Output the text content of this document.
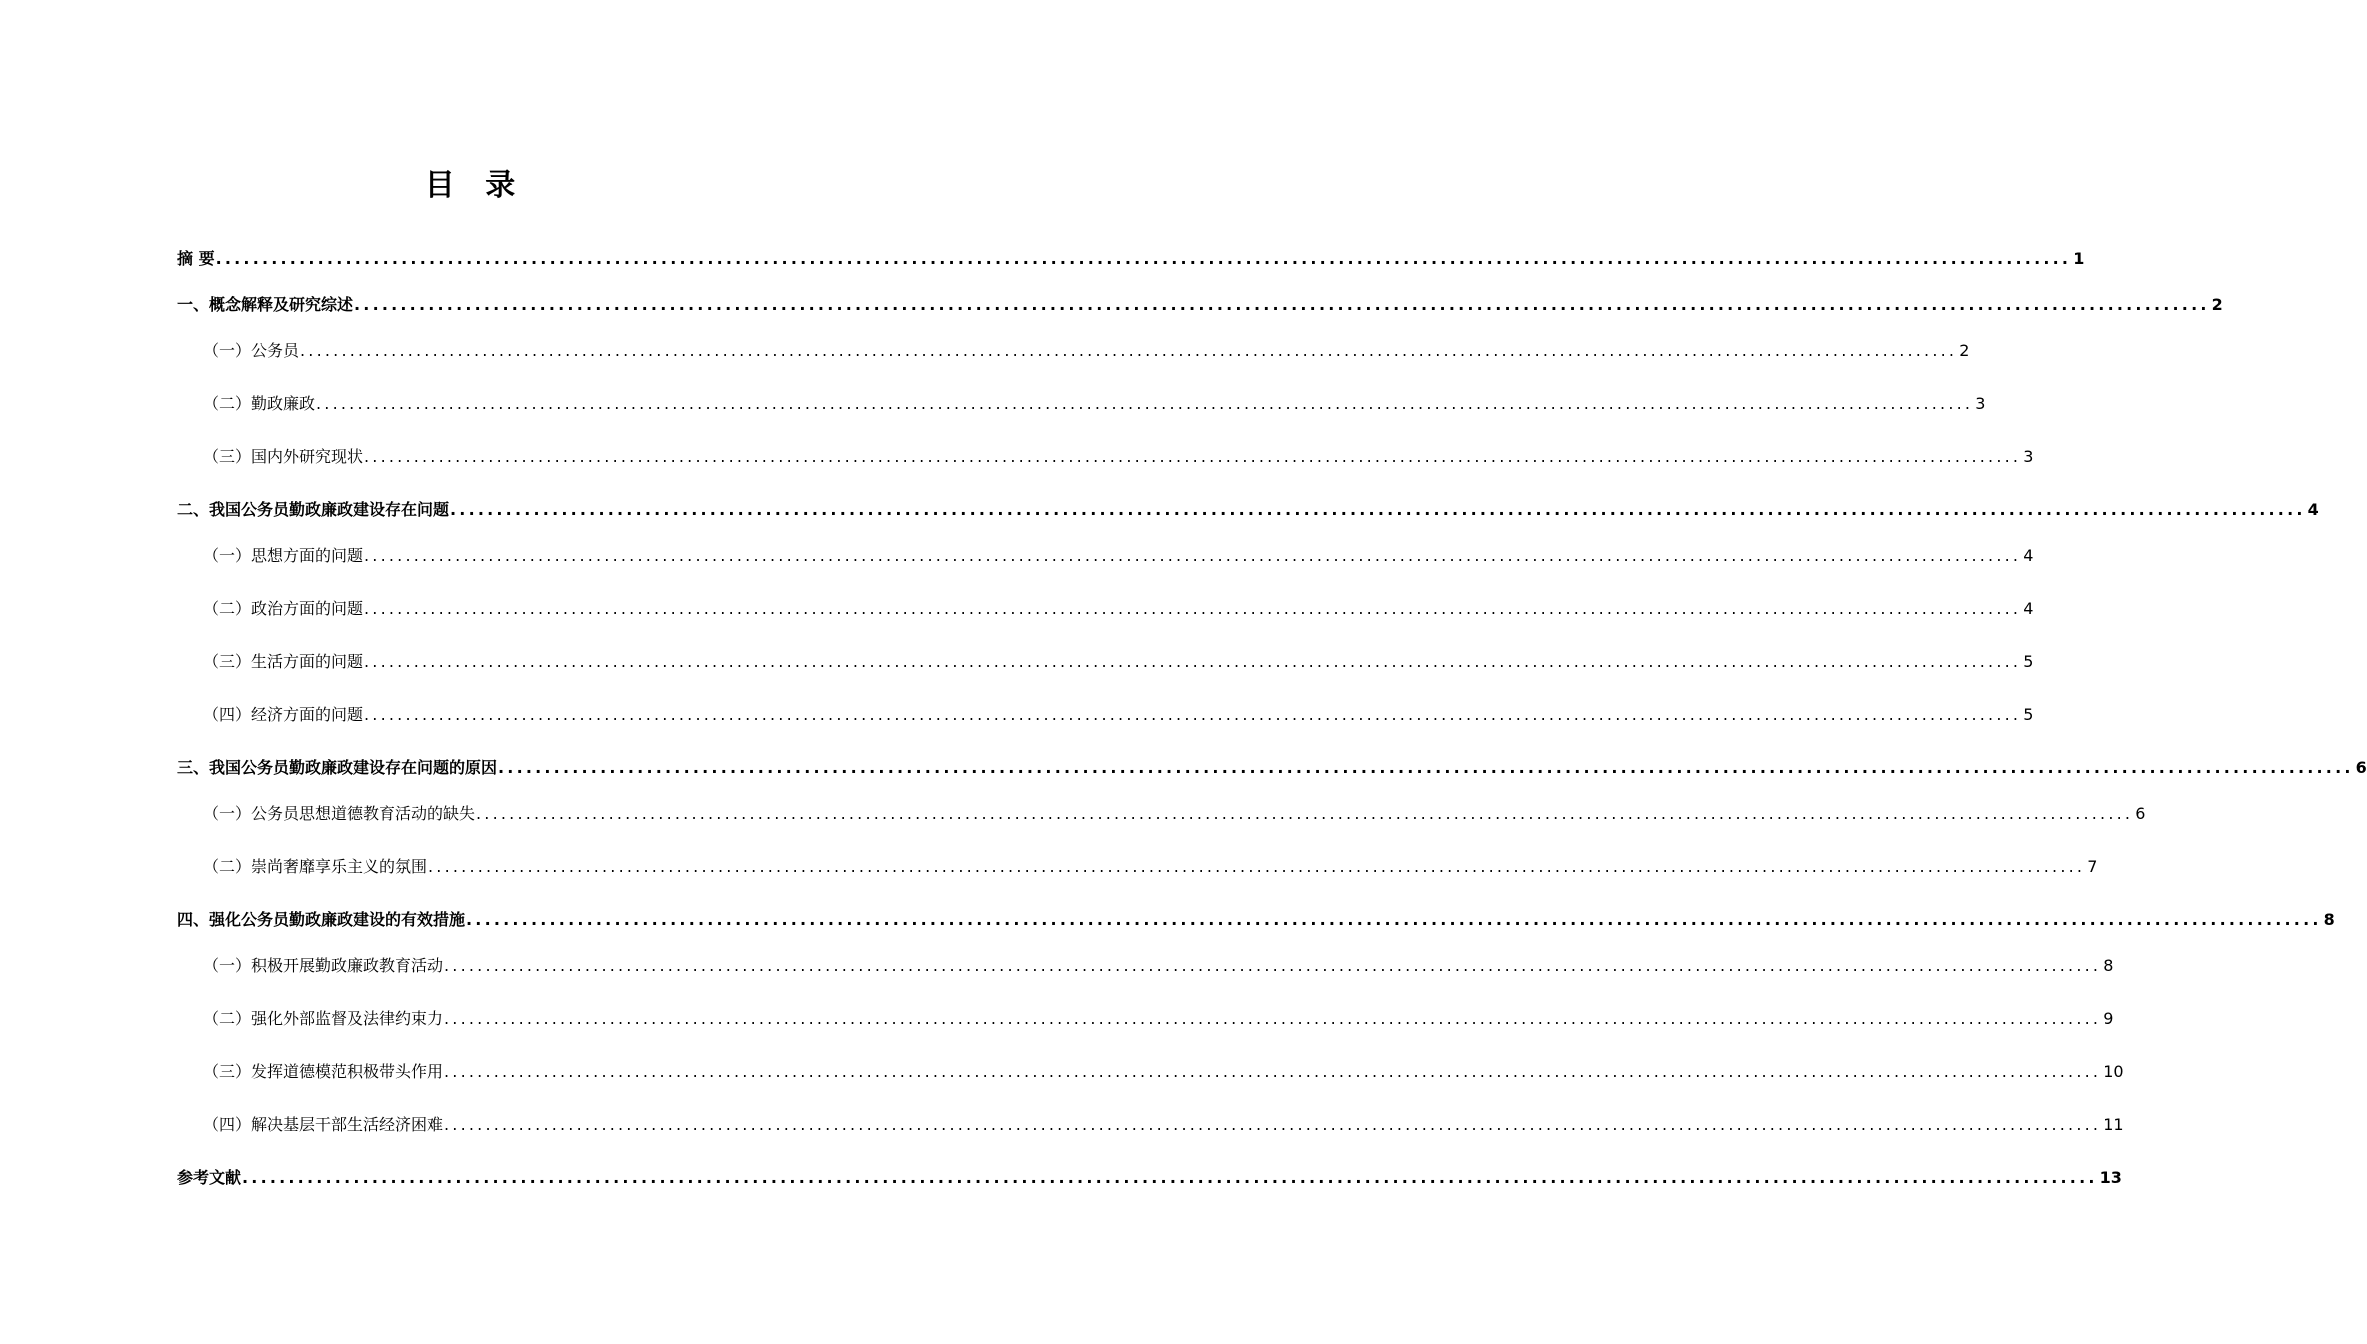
目 录
摘 要 ........................................................................................................................................................................................................ 1
一、概念解释及研究综述 ........................................................................................................................................................................................................ 2
（一）公务员 ........................................................................................................................................................................................................ 2
（二）勤政廉政 ........................................................................................................................................................................................................ 3
（三）国内外研究现状 ........................................................................................................................................................................................................ 3
二、我国公务员勤政廉政建设存在问题 ........................................................................................................................................................................................................ 4
（一）思想方面的问题 ........................................................................................................................................................................................................ 4
（二）政治方面的问题 ........................................................................................................................................................................................................ 4
（三）生活方面的问题 ........................................................................................................................................................................................................ 5
（四）经济方面的问题 ........................................................................................................................................................................................................ 5
三、我国公务员勤政廉政建设存在问题的原因 ........................................................................................................................................................................................................ 6
（一）公务员思想道德教育活动的缺失 ........................................................................................................................................................................................................ 6
（二）崇尚奢靡享乐主义的氛围 ........................................................................................................................................................................................................ 7
四、强化公务员勤政廉政建设的有效措施 ........................................................................................................................................................................................................ 8
（一）积极开展勤政廉政教育活动 ........................................................................................................................................................................................................ 8
（二）强化外部监督及法律约束力 ........................................................................................................................................................................................................ 9
（三）发挥道德模范积极带头作用 ........................................................................................................................................................................................................ 10
（四）解决基层干部生活经济困难 ........................................................................................................................................................................................................ 11
参考文献 ........................................................................................................................................................................................................ 13
